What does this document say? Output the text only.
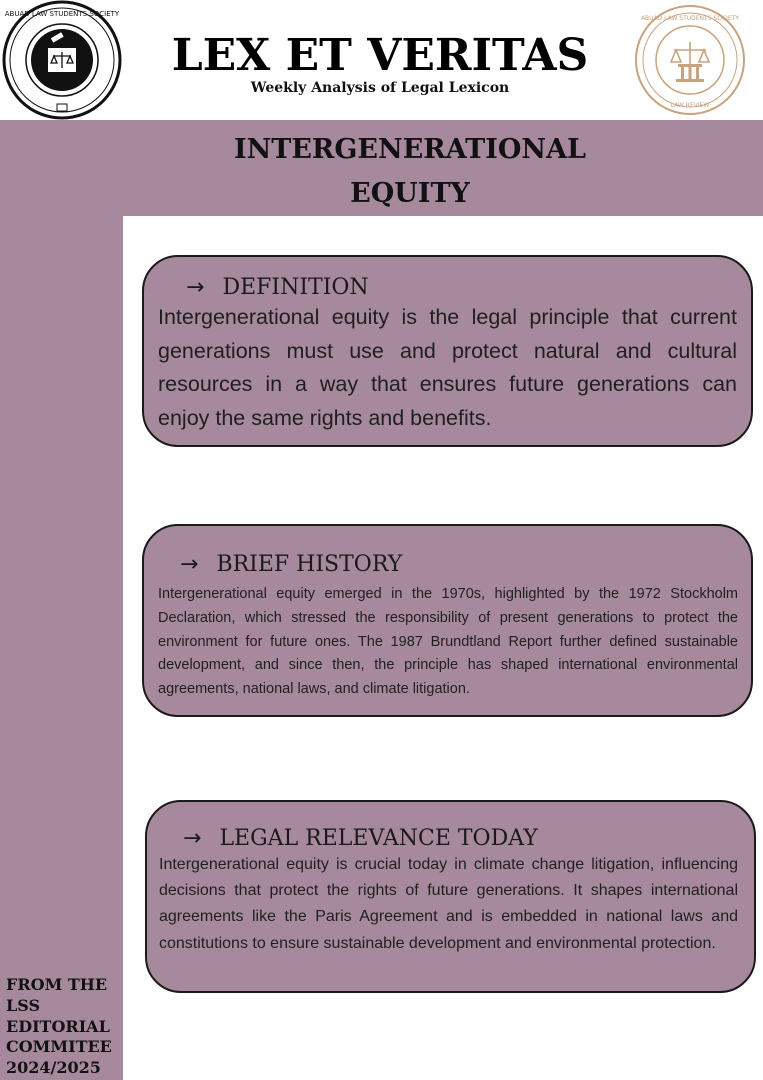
ABUAD LAW STUDENTS SOCIETY
LEX ET VERITAS
Weekly Analysis of Legal Lexicon
ABUAD LAW STUDENTS SOCIETY
LAW REVIEW
INTERGENERATIONAL
EQUITY
→ DEFINITION
Intergenerational equity is the legal principle that current generations must use and protect natural and cultural resources in a way that ensures future generations can enjoy the same rights and benefits.
→ BRIEF HISTORY
Intergenerational equity emerged in the 1970s, highlighted by the 1972 Stockholm Declaration, which stressed the responsibility of present generations to protect the environment for future ones. The 1987 Brundtland Report further defined sustainable development, and since then, the principle has shaped international environmental agreements, national laws, and climate litigation.
→ LEGAL RELEVANCE TODAY
Intergenerational equity is crucial today in climate change litigation, influencing decisions that protect the rights of future generations. It shapes international agreements like the Paris Agreement and is embedded in national laws and constitutions to ensure sustainable development and environmental protection.
FROM THE
LSS
EDITORIAL
COMMITEE
2024/2025
